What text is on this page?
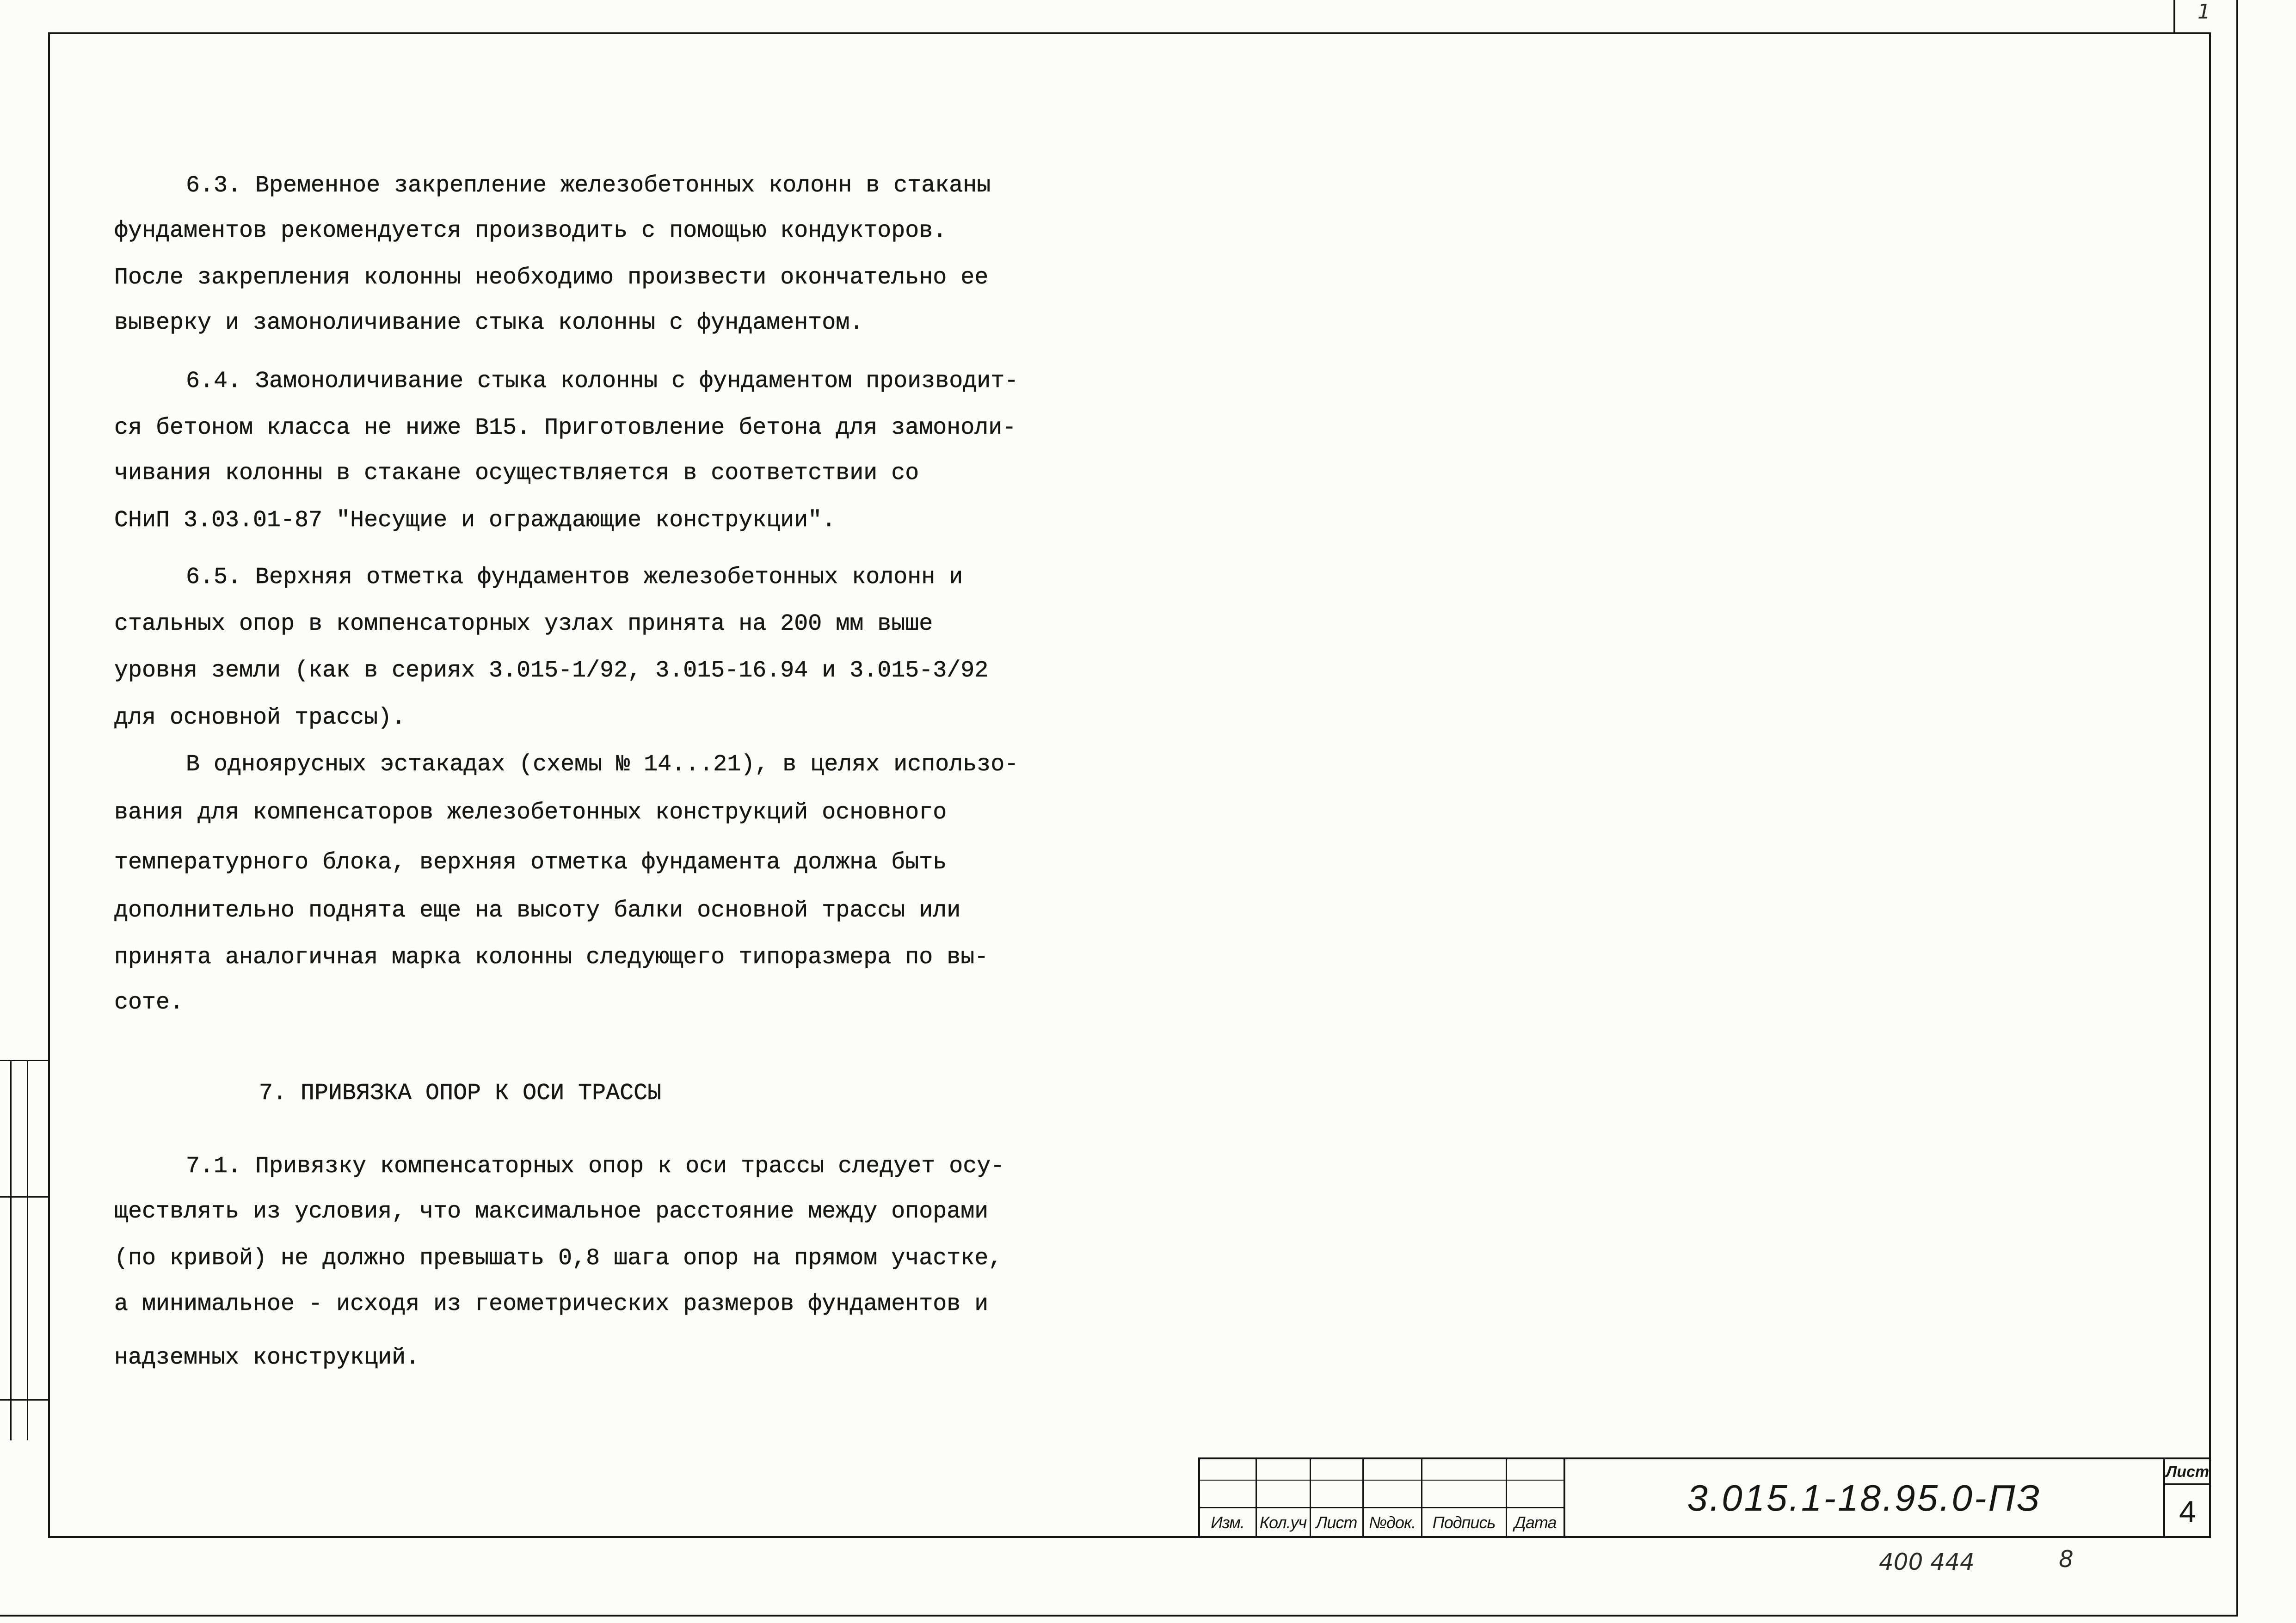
1
6.3. Временное закрепление железобетонных колонн в стаканы
фундаментов рекомендуется производить с помощью кондукторов.
После закрепления колонны необходимо произвести окончательно ее
выверку и замоноличивание стыка колонны с фундаментом.
6.4. Замоноличивание стыка колонны с фундаментом производит-
ся бетоном класса не ниже В15. Приготовление бетона для замоноли-
чивания колонны в стакане осуществляется в соответствии со
СНиП 3.03.01-87 "Несущие и ограждающие конструкции".
6.5. Верхняя отметка фундаментов железобетонных колонн и
стальных опор в компенсаторных узлах принята на 200 мм выше
уровня земли (как в сериях 3.015-1/92, 3.015-16.94 и 3.015-3/92
для основной трассы).
В одноярусных эстакадах (схемы № 14...21), в целях использо-
вания для компенсаторов железобетонных конструкций основного
температурного блока, верхняя отметка фундамента должна быть
дополнительно поднята еще на высоту балки основной трассы или
принята аналогичная марка колонны следующего типоразмера по вы-
соте.
7. ПРИВЯЗКА ОПОР К ОСИ ТРАССЫ
7.1. Привязку компенсаторных опор к оси трассы следует осу-
ществлять из условия, что максимальное расстояние между опорами
(по кривой) не должно превышать 0,8 шага опор на прямом участке,
а минимальное - исходя из геометрических размеров фундаментов и
надземных конструкций.
Изм. Кол.уч Лист №док.	Подпись	Дата
3.015.1-18.95.0-ПЗ
Лист
4
400 444	8
